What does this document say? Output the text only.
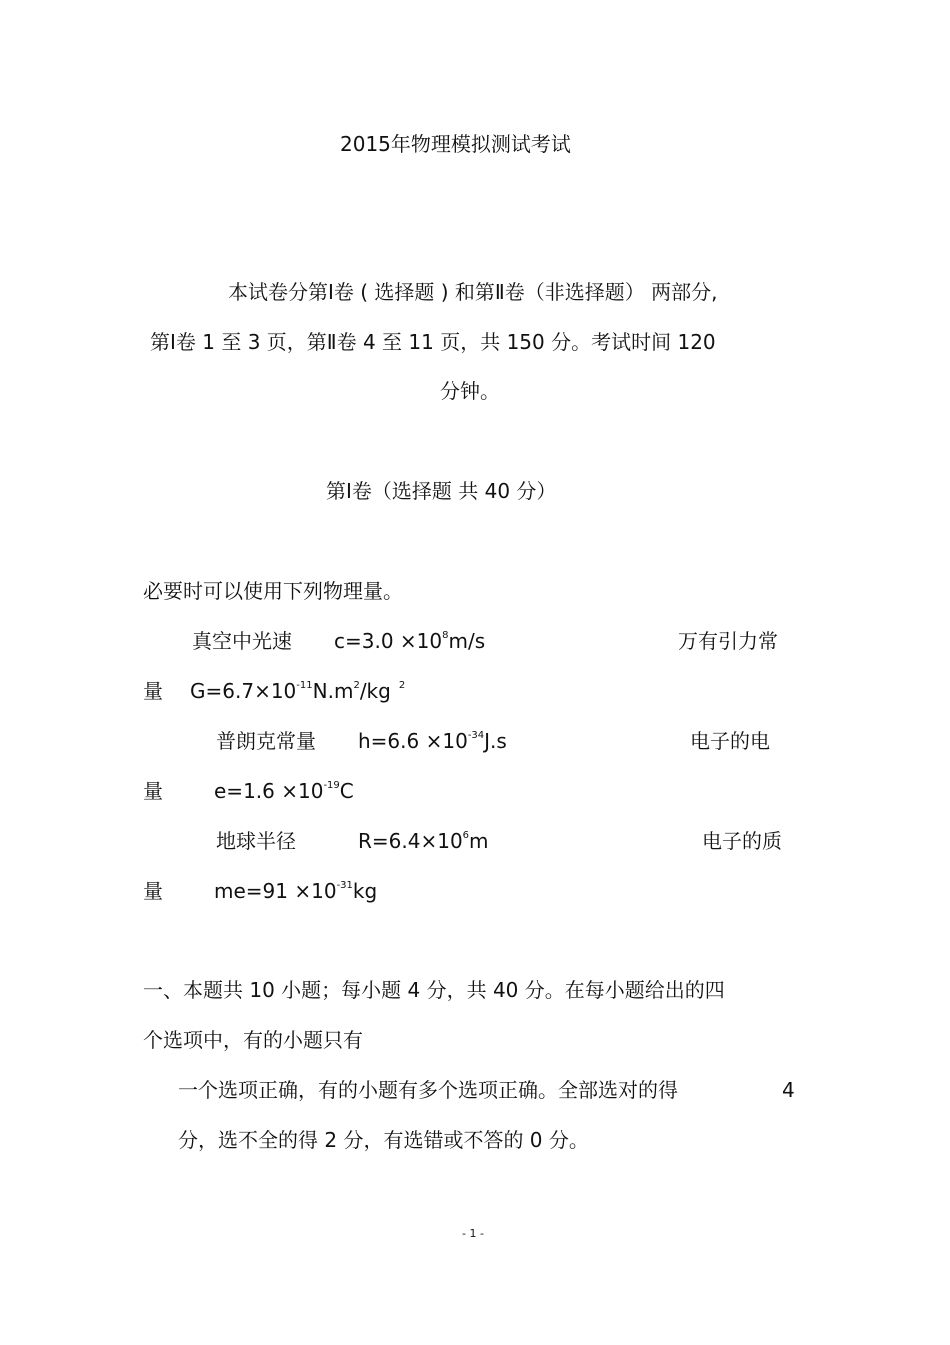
2015年物理模拟测试考试
本试卷分第Ⅰ卷 ( 选择题 ) 和第Ⅱ卷（非选择题） 两部分,
第Ⅰ卷 1 至 3 页，第Ⅱ卷 4 至 11 页，共 150 分。考试时间 120
分钟。
第Ⅰ卷（选择题 共 40 分）
必要时可以使用下列物理量。
真空中光速 $c=3.0 \times 10^8m/s$	万有引力常
量 $G=6.7\times 10^{-11}N.m^2/kg$ $^2$
普朗克常量 $h=6.6 \times 10^{-34}J.s$	电子的电
量	$e=1.6 \times 10^{-19}C$
地球半径	$R=6.4\times 10^6m$	电子的质
量	$me=91 \times 10^{-31}kg$
一、本题共 10 小题；每小题 4 分，共 40 分。在每小题给出的四
个选项中，有的小题只有
一个选项正确，有的小题有多个选项正确。全部选对的得	4
分，选不全的得 2 分，有选错或不答的 0 分。
- 1 -
